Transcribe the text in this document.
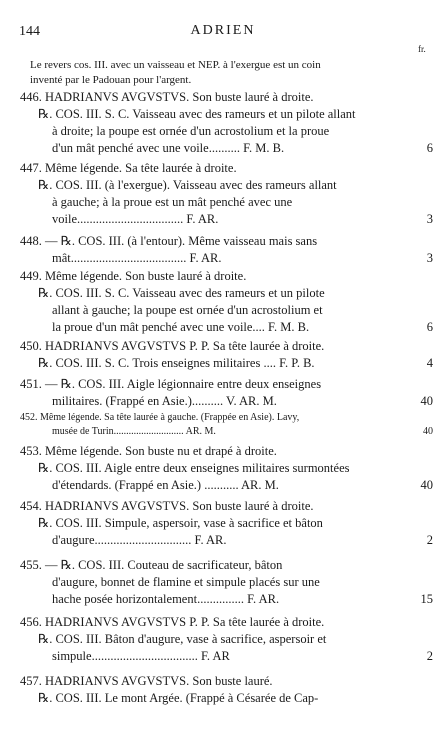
144	ADRIEN
fr.
Le revers cos. III. avec un vaisseau et NEP. à l'exergue est un coin
inventé par le Padouan pour l'argent.
446. HADRIANVS AVGVSTVS. Son buste lauré à droite.
℞. COS. III. S. C. Vaisseau avec des rameurs et un pilote allant
à droite; la poupe est ornée d'un acrostolium et la proue
d'un mât penché avec une voile.......... F. M. B.	6
447. Même légende. Sa tête laurée à droite.
℞. COS. III. (à l'exergue). Vaisseau avec des rameurs allant
à gauche; à la proue est un mât penché avec une
voile.................................. F. AR.	3
448. — ℞. COS. III. (à l'entour). Même vaisseau mais sans
mât..................................... F. AR.	3
449. Même légende. Son buste lauré à droite.
℞. COS. III. S. C. Vaisseau avec des rameurs et un pilote
allant à gauche; la poupe est ornée d'un acrostolium et
la proue d'un mât penché avec une voile.... F. M. B.	6
450. HADRIANVS AVGVSTVS P. P. Sa tête laurée à droite.
℞. COS. III. S. C. Trois enseignes militaires .... F. P. B.	4
451. — ℞. COS. III. Aigle légionnaire entre deux enseignes
militaires. (Frappé en Asie.).......... V. AR. M.	40
452. Même légende. Sa tête laurée à gauche. (Frappée en Asie). Lavy,
musée de Turin............................ AR. M.	40
453. Même légende. Son buste nu et drapé à droite.
℞. COS. III. Aigle entre deux enseignes militaires surmontées
d'étendards. (Frappé en Asie.) ........... AR. M.	40
454. HADRIANVS AVGVSTVS. Son buste lauré à droite.
℞. COS. III. Simpule, aspersoir, vase à sacrifice et bâton
d'augure............................... F. AR.	2
455. — ℞. COS. III. Couteau de sacrificateur, bâton
d'augure, bonnet de flamine et simpule placés sur une
hache posée horizontalement............... F. AR.	15
456. HADRIANVS AVGVSTVS P. P. Sa tête laurée à droite.
℞. COS. III. Bâton d'augure, vase à sacrifice, aspersoir et
simpule.................................. F. AR	2
457. HADRIANVS AVGVSTVS. Son buste lauré.
℞. COS. III. Le mont Argée. (Frappé à Césarée de Cap-
